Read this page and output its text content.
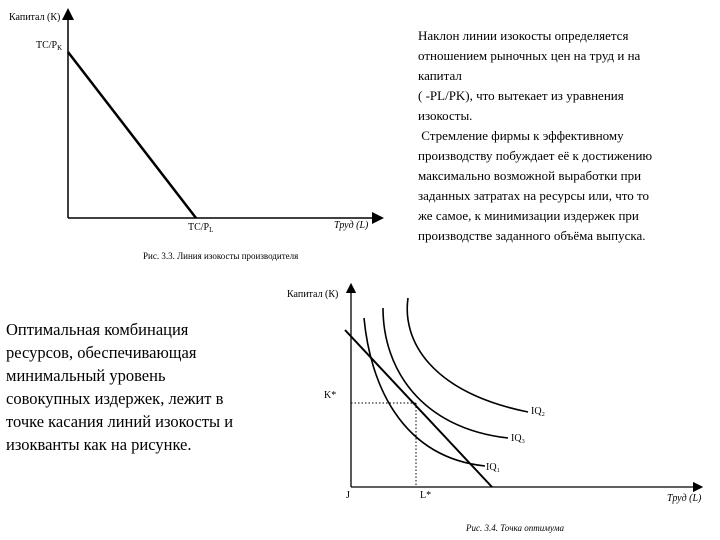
Капитал (К)
$TC/P_K$
$TC/P_L$	Труд (L)
Рис. 3.3. Линия изокосты производителя
Капитал (К)
K*
L*
J
IQ₂
IQ₃
IQ₁
Труд (L)
Рис. 3.4. Точка оптимума

Наклон линии изокосты определяется
отношением рыночных цен на труд и на
капитал
( -PL/PK), что вытекает из уравнения
изокосты.
Стремление фирмы к эффективному
производству побуждает её к достижению
максимально возможной выработки при
заданных затратах на ресурсы или, что то
же самое, к минимизации издержек при
производстве заданного объёма выпуска.

Оптимальная комбинация
ресурсов, обеспечивающая
минимальный уровень
совокупных издержек, лежит в
точке касания линий изокосты и
изокванты как на рисунке.
